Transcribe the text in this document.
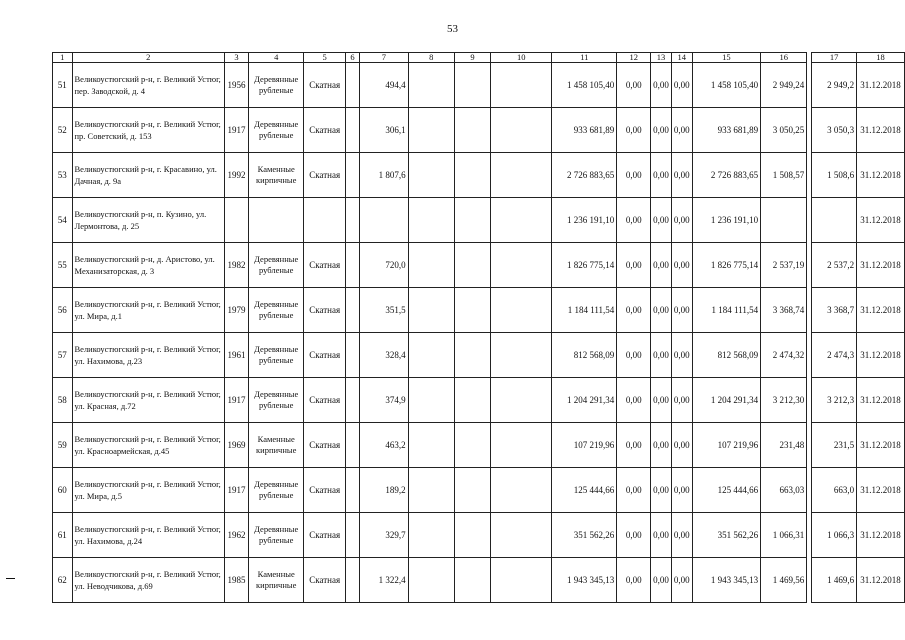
53
1	2	3	4	5	6	7	8	9	10	11	12	13	14	15	16		17	18
51	Великоустюгский р-н, г. Великий Устюг, пер. Заводской, д. 4	1956	Деревянные рубленые	Скатная		494,4				1 458 105,40	0,00	0,00	0,00	1 458 105,40	2 949,24		2 949,2	31.12.2018
52	Великоустюгский р-н, г. Великий Устюг, пр. Советский, д. 153	1917	Деревянные рубленые	Скатная		306,1				933 681,89	0,00	0,00	0,00	933 681,89	3 050,25		3 050,3	31.12.2018
53	Великоустюгский р-н, г. Красавино, ул. Дачная, д. 9а	1992	Каменные кирпичные	Скатная		1 807,6				2 726 883,65	0,00	0,00	0,00	2 726 883,65	1 508,57		1 508,6	31.12.2018
54	Великоустюгский р-н, п. Кузино, ул. Лермонтова, д. 25									1 236 191,10	0,00	0,00	0,00	1 236 191,10				31.12.2018
55	Великоустюгский р-н, д. Аристово, ул. Механизаторская, д. 3	1982	Деревянные рубленые	Скатная		720,0				1 826 775,14	0,00	0,00	0,00	1 826 775,14	2 537,19		2 537,2	31.12.2018
56	Великоустюгский р-н, г. Великий Устюг, ул. Мира, д.1	1979	Деревянные рубленые	Скатная		351,5				1 184 111,54	0,00	0,00	0,00	1 184 111,54	3 368,74		3 368,7	31.12.2018
57	Великоустюгский р-н, г. Великий Устюг, ул. Нахимова, д.23	1961	Деревянные рубленые	Скатная		328,4				812 568,09	0,00	0,00	0,00	812 568,09	2 474,32		2 474,3	31.12.2018
58	Великоустюгский р-н, г. Великий Устюг, ул. Красная, д.72	1917	Деревянные рубленые	Скатная		374,9				1 204 291,34	0,00	0,00	0,00	1 204 291,34	3 212,30		3 212,3	31.12.2018
59	Великоустюгский р-н, г. Великий Устюг, ул. Красноармейская, д.45	1969	Каменные кирпичные	Скатная		463,2				107 219,96	0,00	0,00	0,00	107 219,96	231,48		231,5	31.12.2018
60	Великоустюгский р-н, г. Великий Устюг, ул. Мира, д.5	1917	Деревянные рубленые	Скатная		189,2				125 444,66	0,00	0,00	0,00	125 444,66	663,03		663,0	31.12.2018
61	Великоустюгский р-н, г. Великий Устюг, ул. Нахимова, д.24	1962	Деревянные рубленые	Скатная		329,7				351 562,26	0,00	0,00	0,00	351 562,26	1 066,31		1 066,3	31.12.2018
62	Великоустюгский р-н, г. Великий Устюг, ул. Неводчикова, д.69	1985	Каменные кирпичные	Скатная		1 322,4				1 943 345,13	0,00	0,00	0,00	1 943 345,13	1 469,56		1 469,6	31.12.2018
